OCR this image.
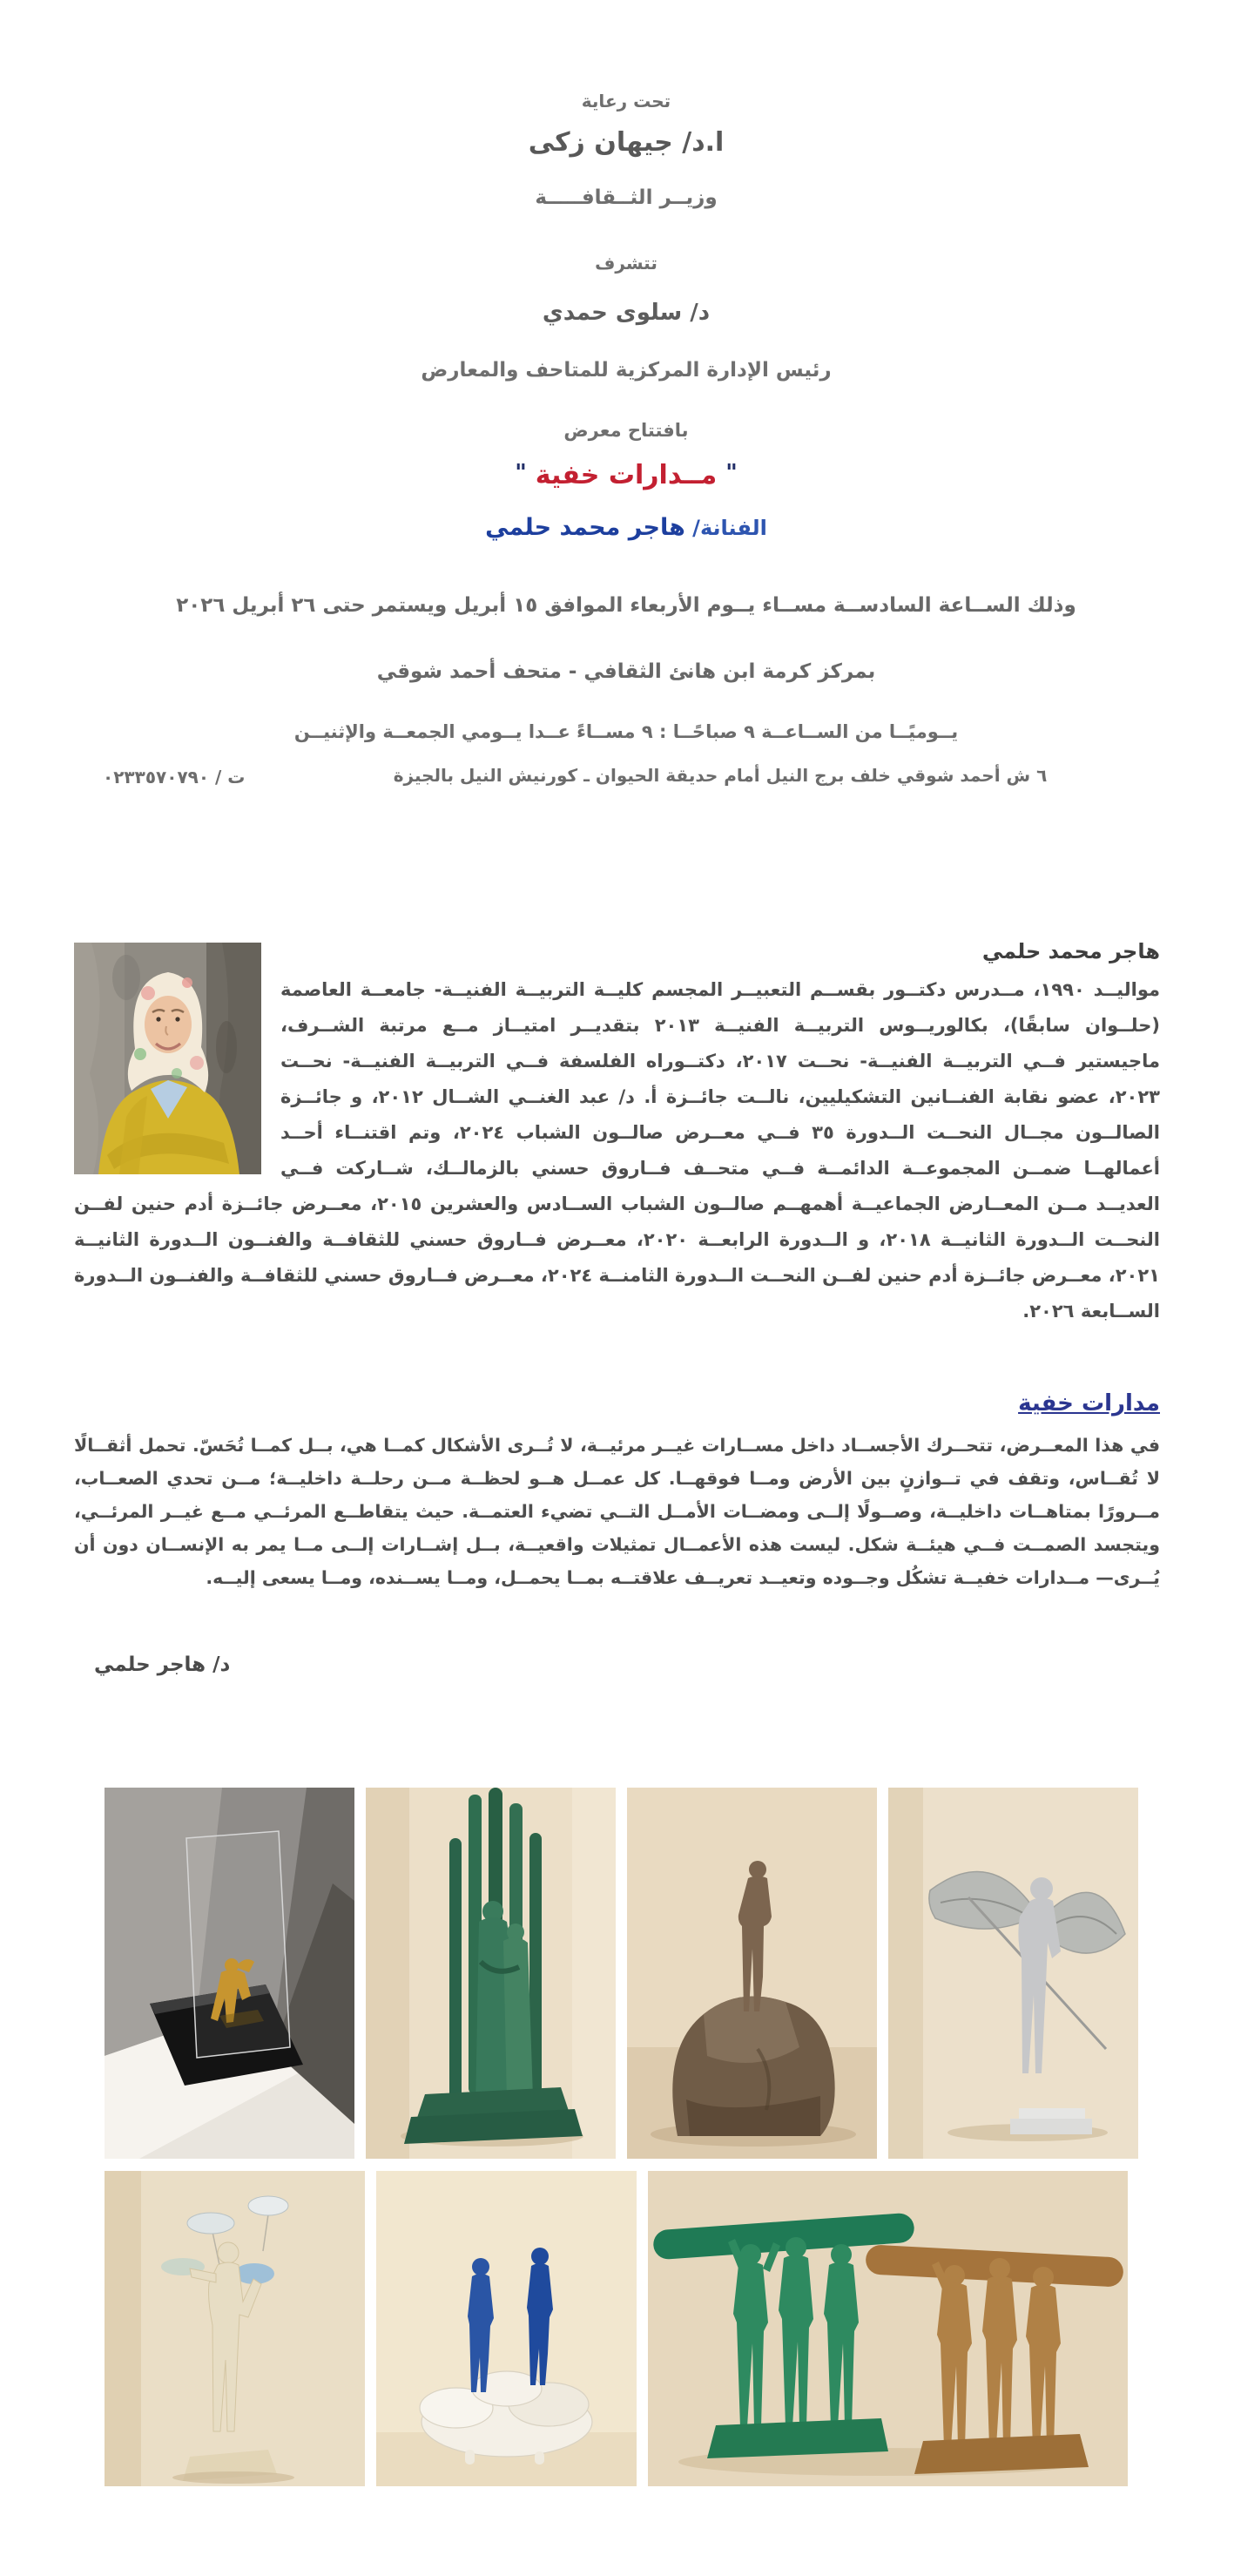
تحت رعاية
ا.د/ جيهان زكى
وزيــر الثــقافـــــة
تتشرف
د/ سلوى حمدي
رئيس الإدارة المركزية للمتاحف والمعارض
بافتتاح معرض
"مــدارات خفية"
الفنانة/ هاجر محمد حلمي
وذلك الســاعة السادســة مســاء يــوم الأربعاء الموافق ١٥ أبريل ويستمر حتى ٢٦ أبريل ٢٠٢٦
بمركز كرمة ابن هانئ الثقافي - متحف أحمد شوقي
يــوميًــا من الســاعــة ٩ صباحًــا : ٩ مســاءً عــدا يــومي الجمعــة والإثنيــن
٦ ش أحمد شوقي خلف برج النيل أمام حديقة الحيوان ـ كورنيش النيل بالجيزة
ت / ٠٢٣٣٥٧٠٧٩٠
هاجر محمد حلمي

مواليــد ١٩٩٠، مــدرس دكتــور بقســم التعبيــر المجسم كليــة التربيــة الفنيــة- جامعــة العاصمة (حلــوان سابقًا)، بكالوريــوس التربيــة الفنيــة ٢٠١٣ بتقديــر امتيــاز مــع مرتبة الشــرف، ماجيستير فــي التربيــة الفنيــة- نحــت ٢٠١٧، دكتــوراه الفلسفة فــي التربيــة الفنيــة- نحــت ٢٠٢٣، عضو نقابة الفنــانين التشكيليين، نالــت جائــزة أ. د/ عبد الغنــي الشــال ٢٠١٢، و جائــزة الصالــون مجــال النحــت الــدورة ٣٥ فــي معــرض صالــون الشباب ٢٠٢٤، وتم اقتنــاء أحــد أعمالهــا ضمــن المجموعــة الدائمــة فــي متحــف فــاروق حسني بالزمالــك، شــاركت فــي العديــد مــن المعــارض الجماعيــة أهمهــم صالــون الشباب الســادس والعشرين ٢٠١٥، معــرض جائــزة أدم حنين لفــن النحــت الــدورة الثانيــة ٢٠١٨، و الــدورة الرابعــة ٢٠٢٠، معــرض فــاروق حسني للثقافــة والفنــون الــدورة الثانيــة ٢٠٢١، معــرض جائــزة أدم حنين لفــن النحــت الــدورة الثامنــة ٢٠٢٤، معــرض فــاروق حسني للثقافــة والفنــون الــدورة الســابعة ٢٠٢٦.

مدارات خفية

في هذا المعــرض، تتحــرك الأجســاد داخل مســارات غيــر مرئيــة، لا تُــرى الأشكال كمــا هي، بــل كمــا تُحَسّ. تحمل أثقــالًا لا تُقــاس، وتقف في تــوازنٍ بين الأرض ومــا فوقهــا. كل عمــل هــو لحظــة مــن رحلــة داخليــة؛ مــن تحدي الصعــاب، مــرورًا بمتاهــات داخليــة، وصــولًا إلــى ومضــات الأمــل التــي تضيء العتمــة. حيث يتقاطــع المرئــي مــع غيــر المرئــي، ويتجسد الصمــت فــي هيئــة شكل. ليست هذه الأعمــال تمثيلات واقعيــة، بــل إشــارات إلــى مــا يمر به الإنســان دون أن يُــرى— مــدارات خفيــة تشكُل وجــوده وتعيــد تعريــف علاقتــه بمــا يحمــل، ومــا يســنده، ومــا يسعى إليــه.

د/ هاجر حلمي
